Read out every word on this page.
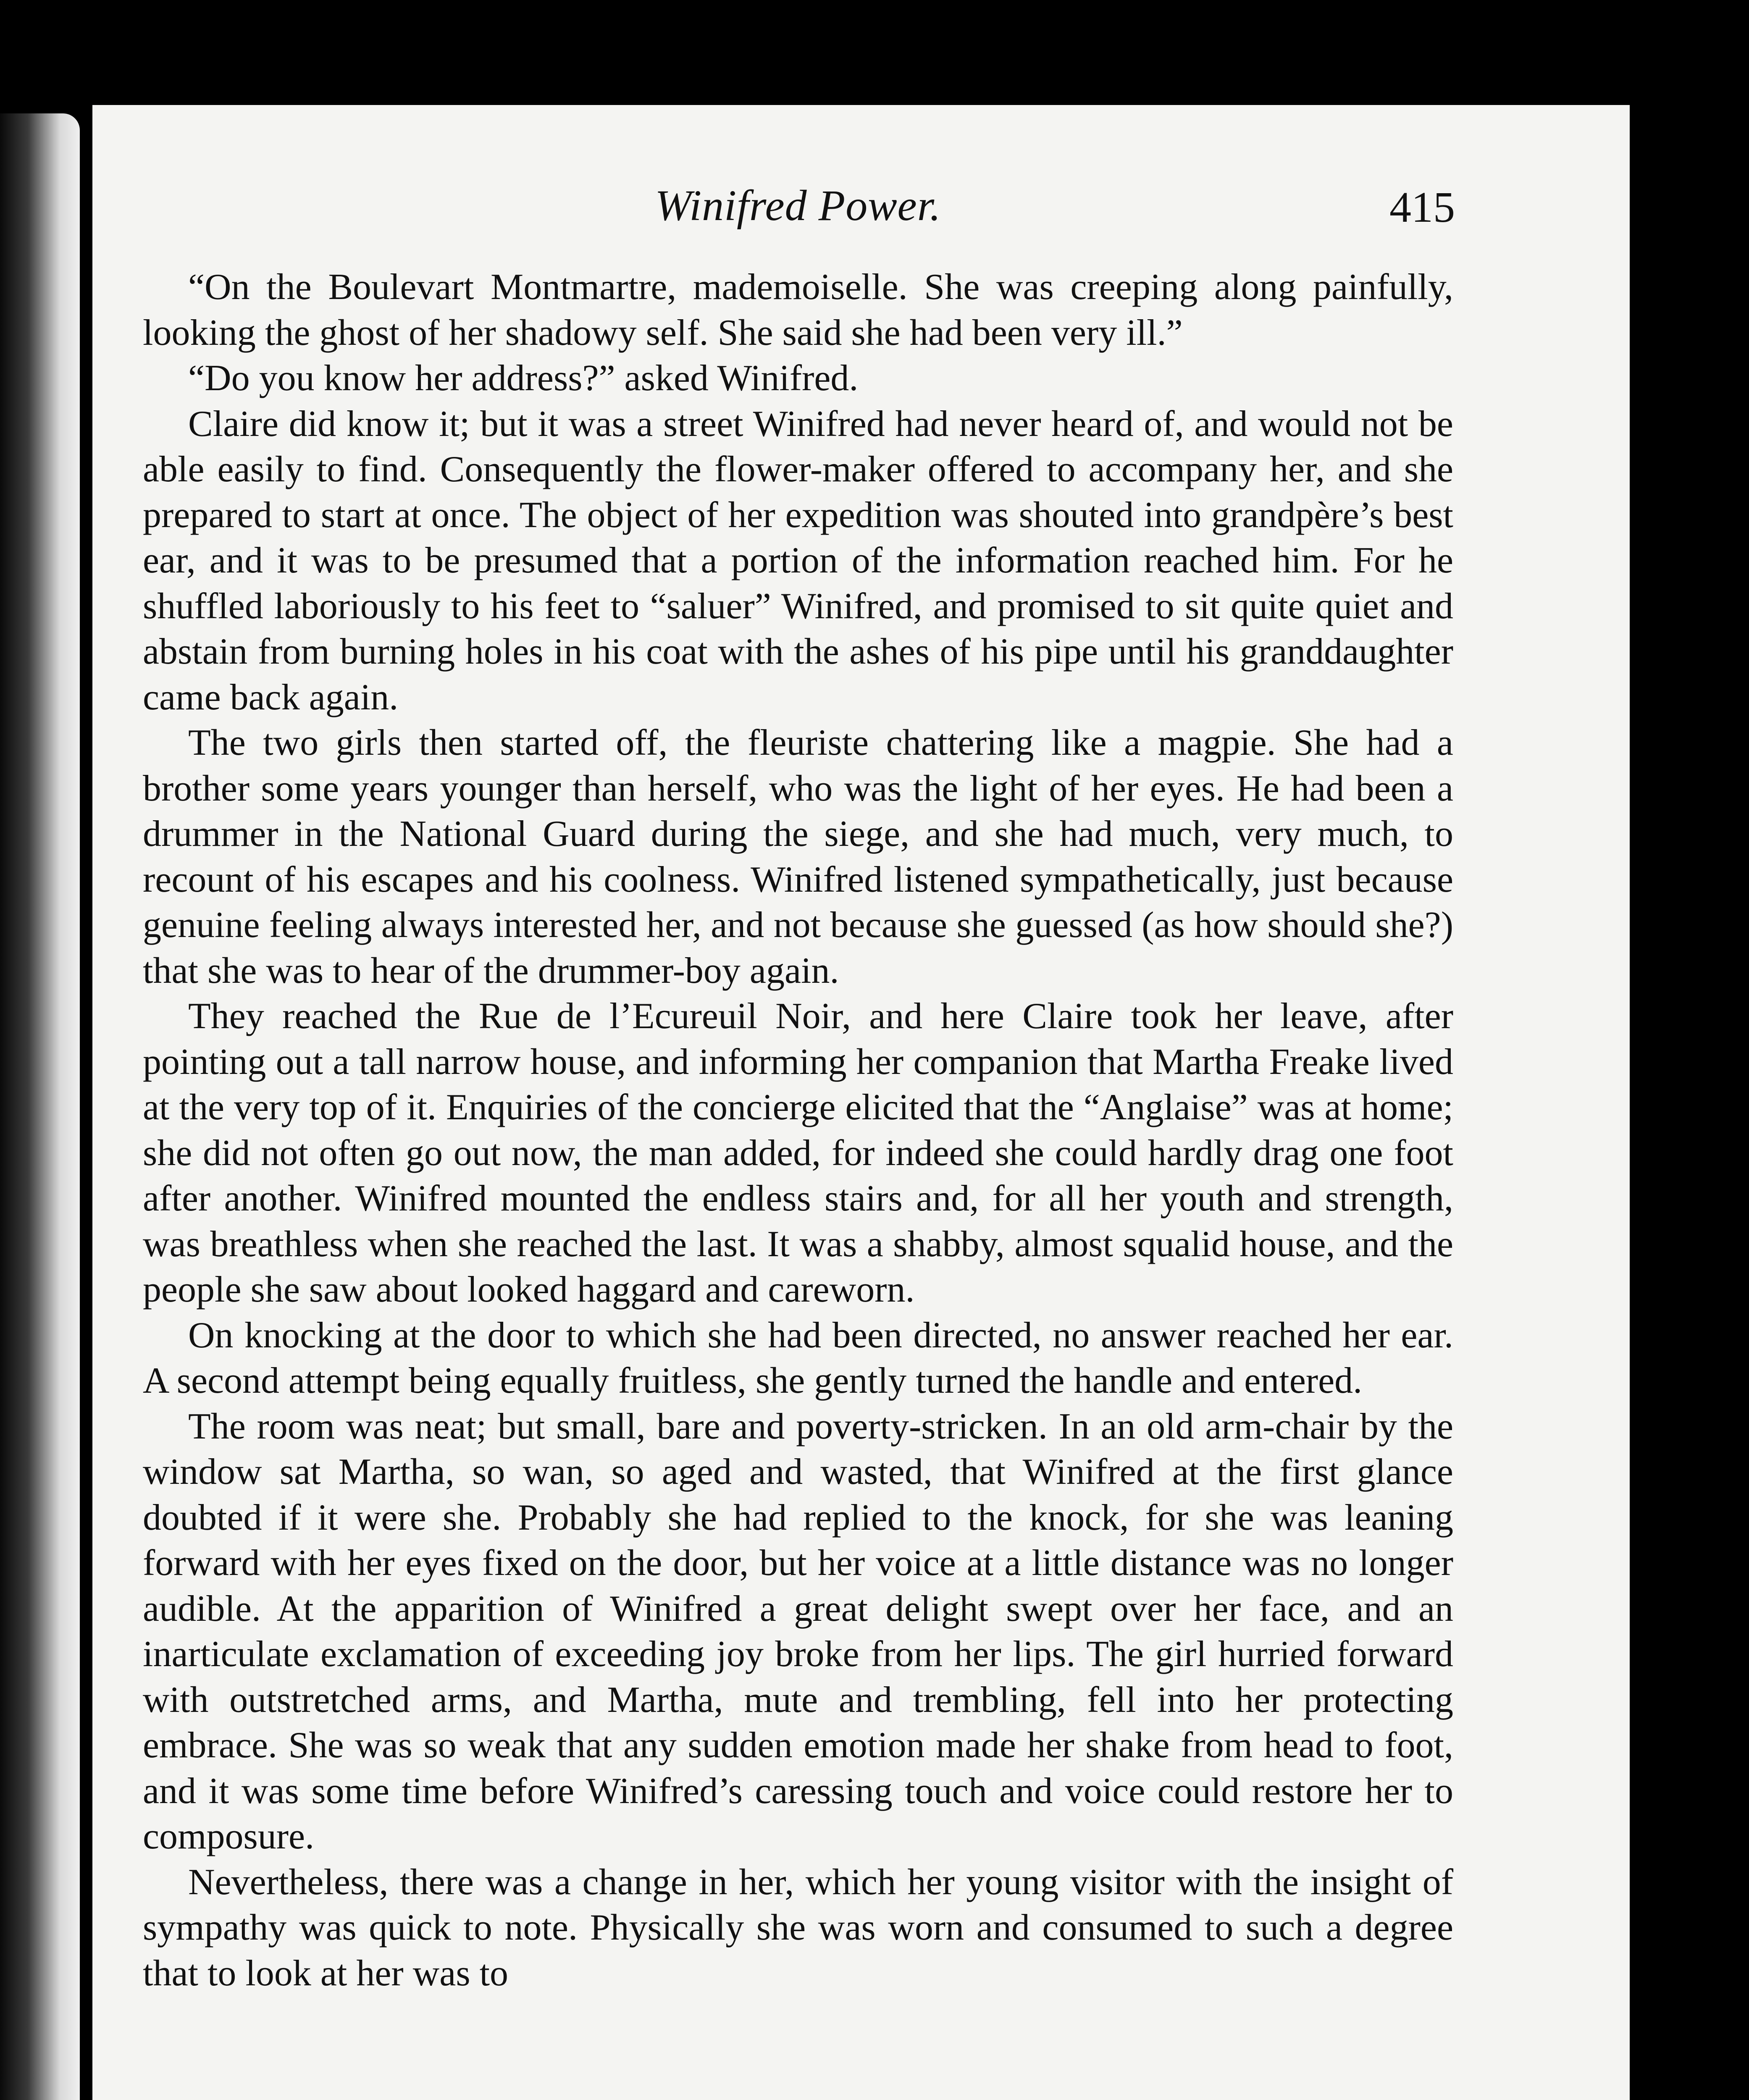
Winifred Power.	415

“On the Boulevart Montmartre, mademoiselle. She was creeping along painfully, looking the ghost of her shadowy self. She said she had been very ill.”

“Do you know her address?” asked Winifred.

Claire did know it; but it was a street Winifred had never heard of, and would not be able easily to find. Consequently the flower-maker offered to accompany her, and she prepared to start at once. The object of her expedition was shouted into grandpère’s best ear, and it was to be presumed that a portion of the information reached him. For he shuffled laboriously to his feet to “saluer” Winifred, and promised to sit quite quiet and abstain from burning holes in his coat with the ashes of his pipe until his granddaughter came back again.

The two girls then started off, the fleuriste chattering like a magpie. She had a brother some years younger than herself, who was the light of her eyes. He had been a drummer in the National Guard during the siege, and she had much, very much, to recount of his escapes and his coolness. Winifred listened sympathetically, just because genuine feeling always interested her, and not because she guessed (as how should she?) that she was to hear of the drummer-boy again.

They reached the Rue de l’Ecureuil Noir, and here Claire took her leave, after pointing out a tall narrow house, and informing her companion that Martha Freake lived at the very top of it. Enquiries of the concierge elicited that the “Anglaise” was at home; she did not often go out now, the man added, for indeed she could hardly drag one foot after another. Winifred mounted the endless stairs and, for all her youth and strength, was breathless when she reached the last. It was a shabby, almost squalid house, and the people she saw about looked haggard and careworn.

On knocking at the door to which she had been directed, no answer reached her ear. A second attempt being equally fruitless, she gently turned the handle and entered.

The room was neat; but small, bare and poverty-stricken. In an old arm-chair by the window sat Martha, so wan, so aged and wasted, that Winifred at the first glance doubted if it were she. Probably she had replied to the knock, for she was leaning forward with her eyes fixed on the door, but her voice at a little distance was no longer audible. At the apparition of Winifred a great delight swept over her face, and an inarticulate exclamation of exceeding joy broke from her lips. The girl hurried forward with outstretched arms, and Martha, mute and trembling, fell into her protecting embrace. She was so weak that any sudden emotion made her shake from head to foot, and it was some time before Winifred’s caressing touch and voice could restore her to composure.

Nevertheless, there was a change in her, which her young visitor with the insight of sympathy was quick to note. Physically she was worn and consumed to such a degree that to look at her was to
